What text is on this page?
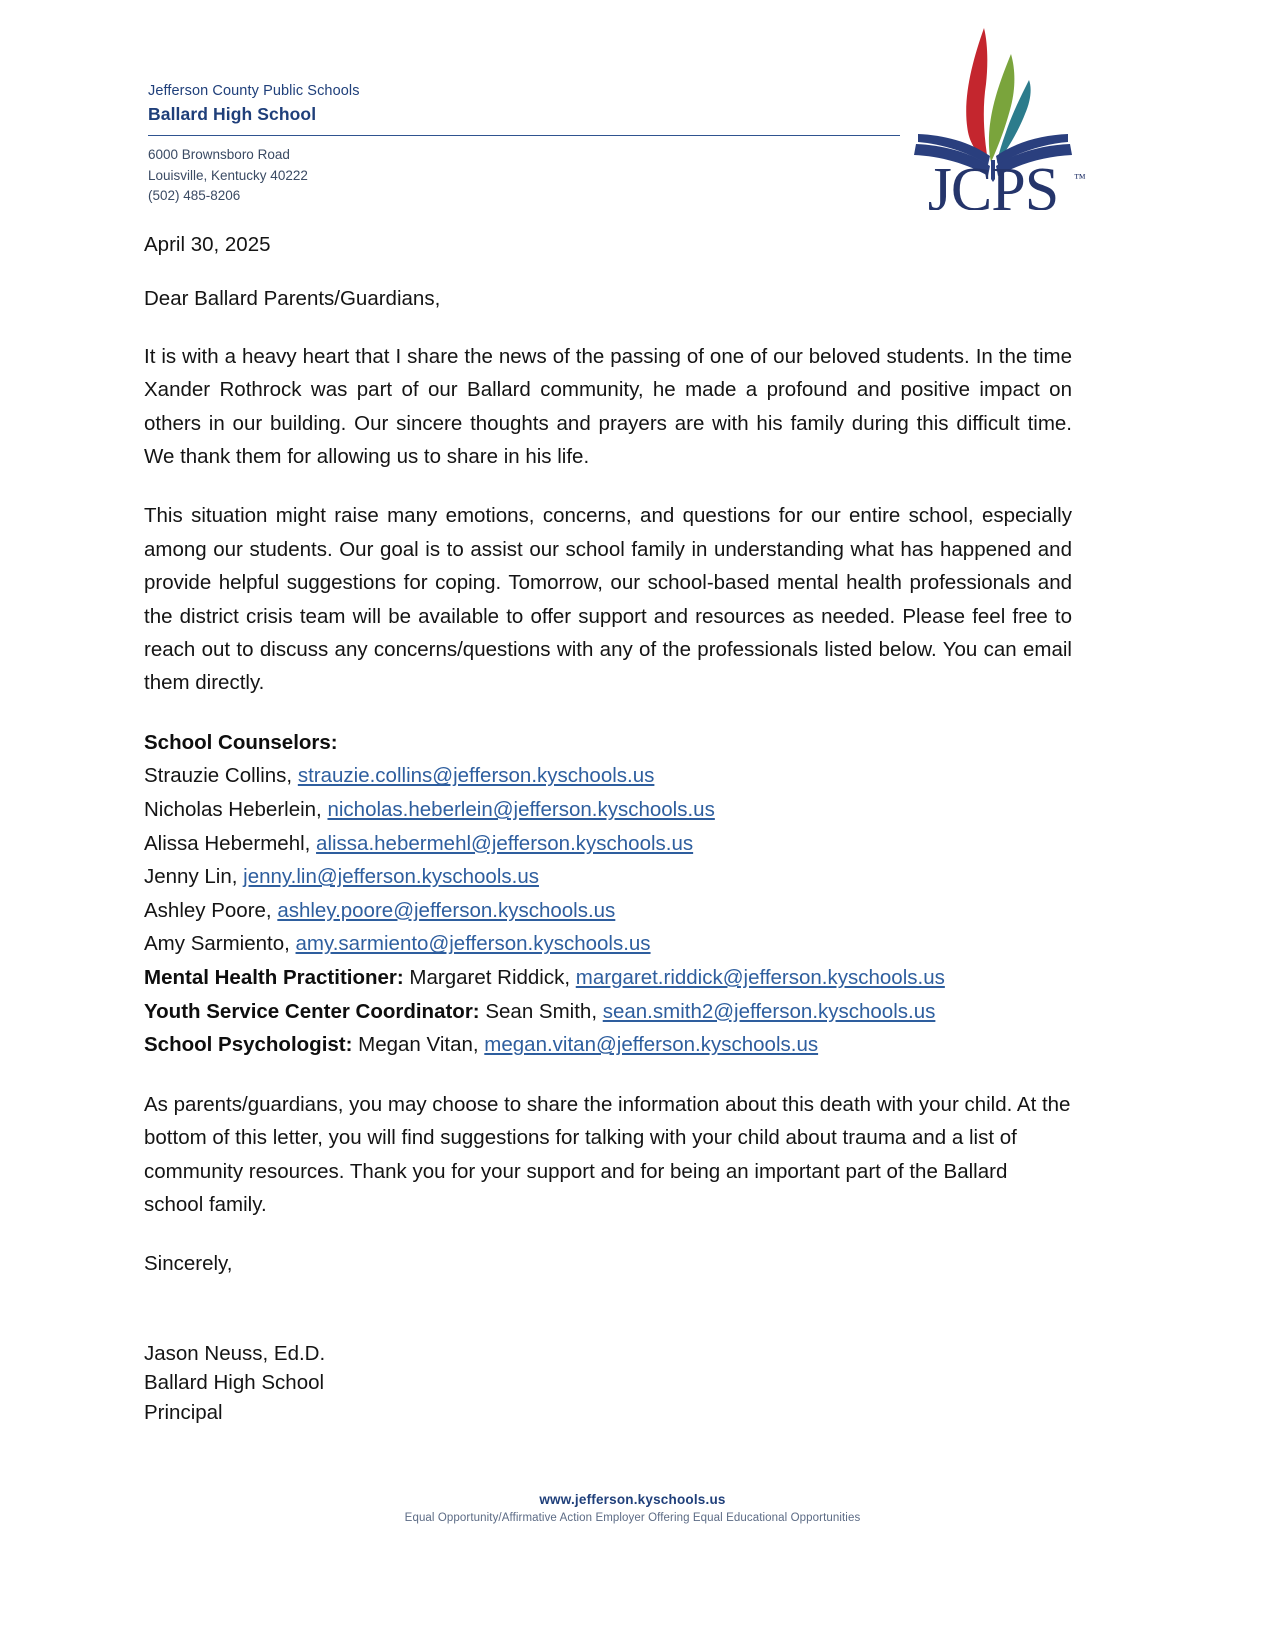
Jefferson County Public Schools
Ballard High School
6000 Brownsboro Road
Louisville, Kentucky 40222
(502) 485-8206	JCPS ™
April 30, 2025
Dear Ballard Parents/Guardians,

It is with a heavy heart that I share the news of the passing of one of our beloved students. In the time Xander Rothrock was part of our Ballard community, he made a profound and positive impact on others in our building. Our sincere thoughts and prayers are with his family during this difficult time. We thank them for allowing us to share in his life.

This situation might raise many emotions, concerns, and questions for our entire school, especially among our students. Our goal is to assist our school family in understanding what has happened and provide helpful suggestions for coping. Tomorrow, our school-based mental health professionals and the district crisis team will be available to offer support and resources as needed. Please feel free to reach out to discuss any concerns/questions with any of the professionals listed below. You can email them directly.

School Counselors:
Strauzie Collins, strauzie.collins@jefferson.kyschools.us
Nicholas Heberlein, nicholas.heberlein@jefferson.kyschools.us
Alissa Hebermehl, alissa.hebermehl@jefferson.kyschools.us
Jenny Lin, jenny.lin@jefferson.kyschools.us
Ashley Poore, ashley.poore@jefferson.kyschools.us
Amy Sarmiento, amy.sarmiento@jefferson.kyschools.us
Mental Health Practitioner: Margaret Riddick, margaret.riddick@jefferson.kyschools.us
Youth Service Center Coordinator: Sean Smith, sean.smith2@jefferson.kyschools.us
School Psychologist: Megan Vitan, megan.vitan@jefferson.kyschools.us

As parents/guardians, you may choose to share the information about this death with your child. At the bottom of this letter, you will find suggestions for talking with your child about trauma and a list of community resources. Thank you for your support and for being an important part of the Ballard school family.

Sincerely,
Jason Neuss, Ed.D.
Ballard High School
Principal
www.jefferson.kyschools.us
Equal Opportunity/Affirmative Action Employer Offering Equal Educational Opportunities
